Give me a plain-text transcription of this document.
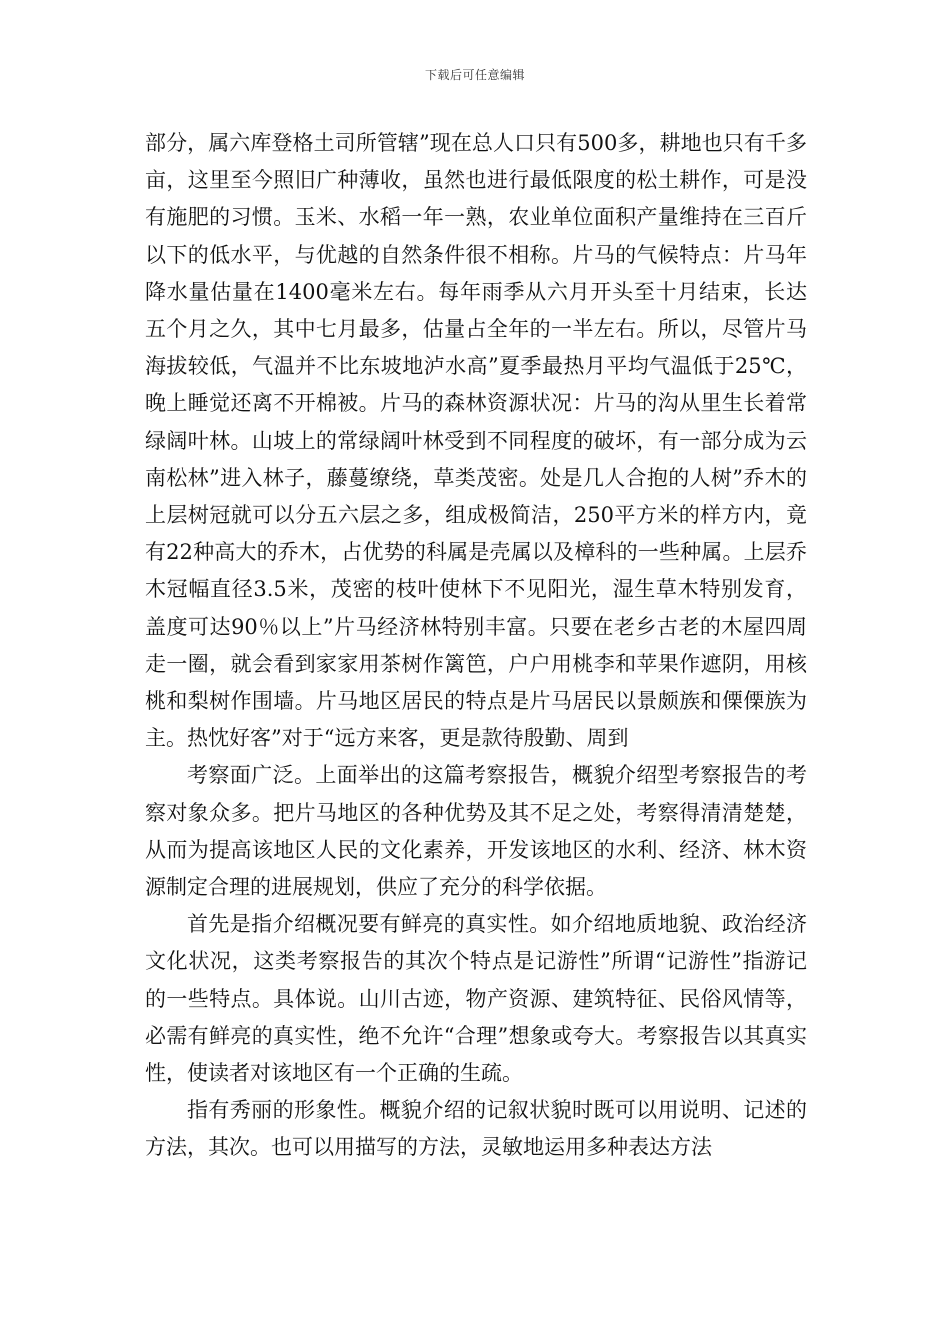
下载后可任意编辑

部分，属六库登格土司所管辖”现在总人口只有500多，耕地也只有千多亩，这里至今照旧广种薄收，虽然也进行最低限度的松土耕作，可是没有施肥的习惯。玉米、水稻一年一熟，农业单位面积产量维持在三百斤以下的低水平，与优越的自然条件很不相称。片马的气候特点：片马年降水量估量在1400毫米左右。每年雨季从六月开头至十月结束，长达五个月之久，其中七月最多，估量占全年的一半左右。所以，尽管片马海拔较低，气温并不比东坡地泸水高”夏季最热月平均气温低于25℃，晚上睡觉还离不开棉被。片马的森林资源状况：片马的沟从里生长着常绿阔叶林。山坡上的常绿阔叶林受到不同程度的破坏，有一部分成为云南松林”进入林子，藤蔓缭绕，草类茂密。处是几人合抱的人树”乔木的上层树冠就可以分五六层之多，组成极简洁，250平方米的样方内，竟有22种高大的乔木，占优势的科属是壳属以及樟科的一些种属。上层乔木冠幅直径3.5米，茂密的枝叶使林下不见阳光，湿生草木特别发育，盖度可达90％以上”片马经济林特别丰富。只要在老乡古老的木屋四周走一圈，就会看到家家用茶树作篱笆，户户用桃李和苹果作遮阴，用核桃和梨树作围墙。片马地区居民的特点是片马居民以景颇族和傈傈族为主。热忱好客”对于“远方来客，更是款待殷勤、周到

考察面广泛。上面举出的这篇考察报告，概貌介绍型考察报告的考察对象众多。把片马地区的各种优势及其不足之处，考察得清清楚楚，从而为提高该地区人民的文化素养，开发该地区的水利、经济、林木资源制定合理的进展规划，供应了充分的科学依据。

首先是指介绍概况要有鲜亮的真实性。如介绍地质地貌、政治经济文化状况，这类考察报告的其次个特点是记游性”所谓“记游性”指游记的一些特点。具体说。山川古迹，物产资源、建筑特征、民俗风情等，必需有鲜亮的真实性，绝不允许“合理”想象或夸大。考察报告以其真实性，使读者对该地区有一个正确的生疏。

指有秀丽的形象性。概貌介绍的记叙状貌时既可以用说明、记述的方法，其次。也可以用描写的方法，灵敏地运用多种表达方法
